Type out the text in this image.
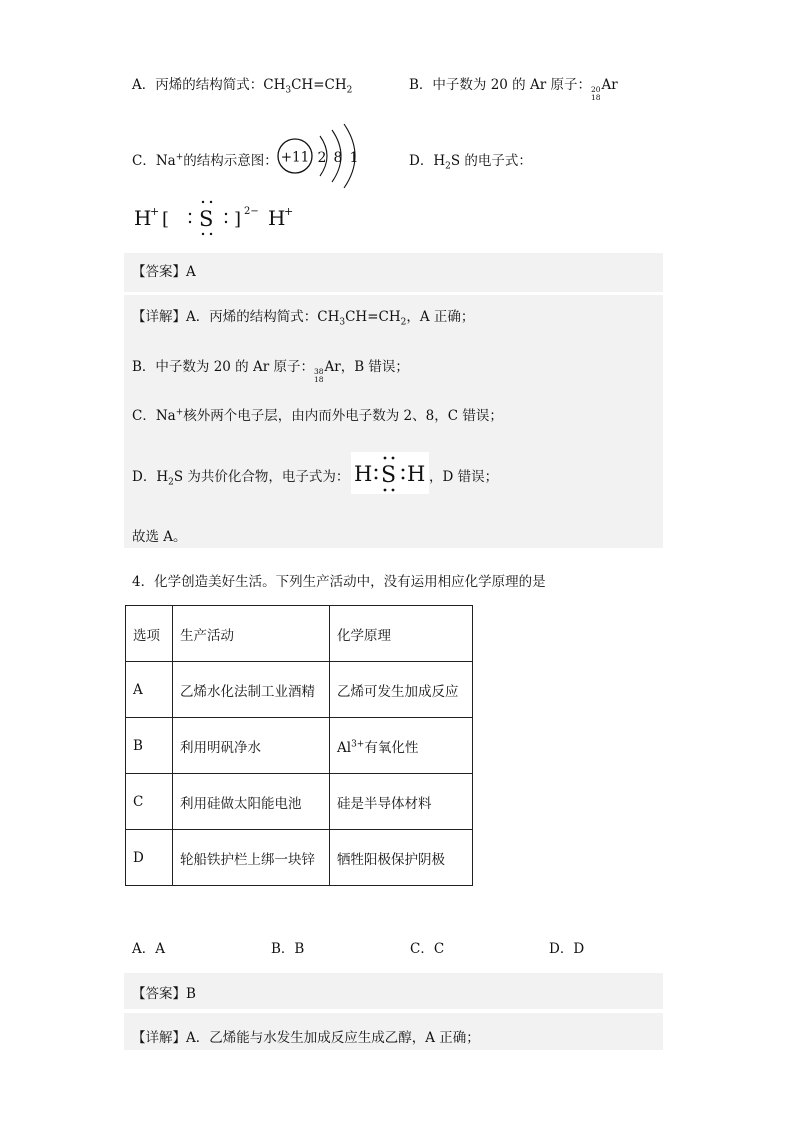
A．丙烯的结构简式：$CH_3CH=CH_2$	B．中子数为 20 的 Ar 原子： 20
18
Ar
C．Na+的结构示意图： +11 2 8 1	D．$H_2S$ 的电子式：
H
+ [ S ] 2− H
+
【答案】A
【详解】A．丙烯的结构简式：$CH_3CH=CH_2$，A 正确；
B．中子数为 20 的 Ar 原子： 38
18
Ar，B 错误；
C．Na+核外两个电子层，由内而外电子数为 2、8，C 错误；
D．$H_2S$ 为共价化合物，电子式为： H S H ，D 错误；
故选 A。
4．化学创造美好生活。下列生产活动中，没有运用相应化学原理的是
选项	生产活动	化学原理
A	乙烯水化法制工业酒精	乙烯可发生加成反应
B	利用明矾净水	$Al^{3+}$有氧化性
C	利用硅做太阳能电池	硅是半导体材料
D	轮船铁护栏上绑一块锌	牺牲阳极保护阴极
A．A	B．B	C．C	D．D
【答案】B
【详解】A．乙烯能与水发生加成反应生成乙醇，A 正确；
